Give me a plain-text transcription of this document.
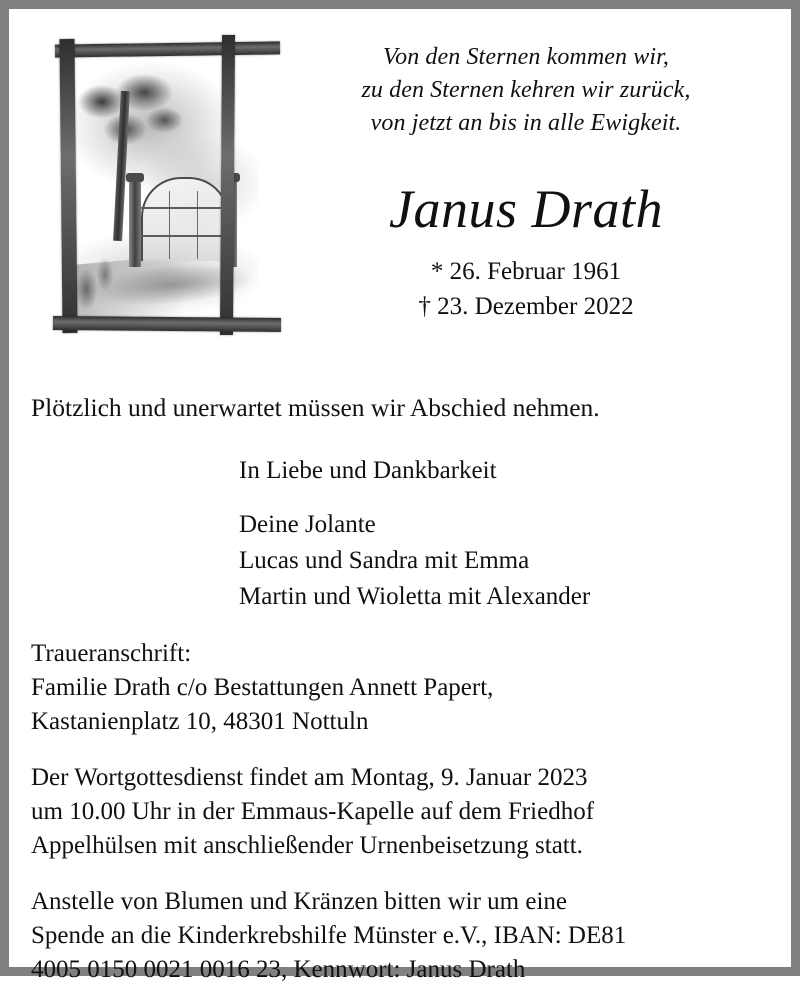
Von den Sternen kommen wir,
zu den Sternen kehren wir zurück,
von jetzt an bis in alle Ewigkeit.
Janus Drath
* 26. Februar 1961
† 23. Dezember 2022
Plötzlich und unerwartet müssen wir Abschied nehmen.
In Liebe und Dankbarkeit
Deine Jolante
Lucas und Sandra mit Emma
Martin und Wioletta mit Alexander
Traueranschrift:
Familie Drath c/o Bestattungen Annett Papert,
Kastanienplatz 10, 48301 Nottuln
Der Wortgottesdienst findet am Montag, 9. Januar 2023
um 10.00 Uhr in der Emmaus-Kapelle auf dem Friedhof
Appelhülsen mit anschließender Urnenbeisetzung statt.
Anstelle von Blumen und Kränzen bitten wir um eine
Spende an die Kinderkrebshilfe Münster e.V., IBAN: DE81
4005 0150 0021 0016 23, Kennwort: Janus Drath
